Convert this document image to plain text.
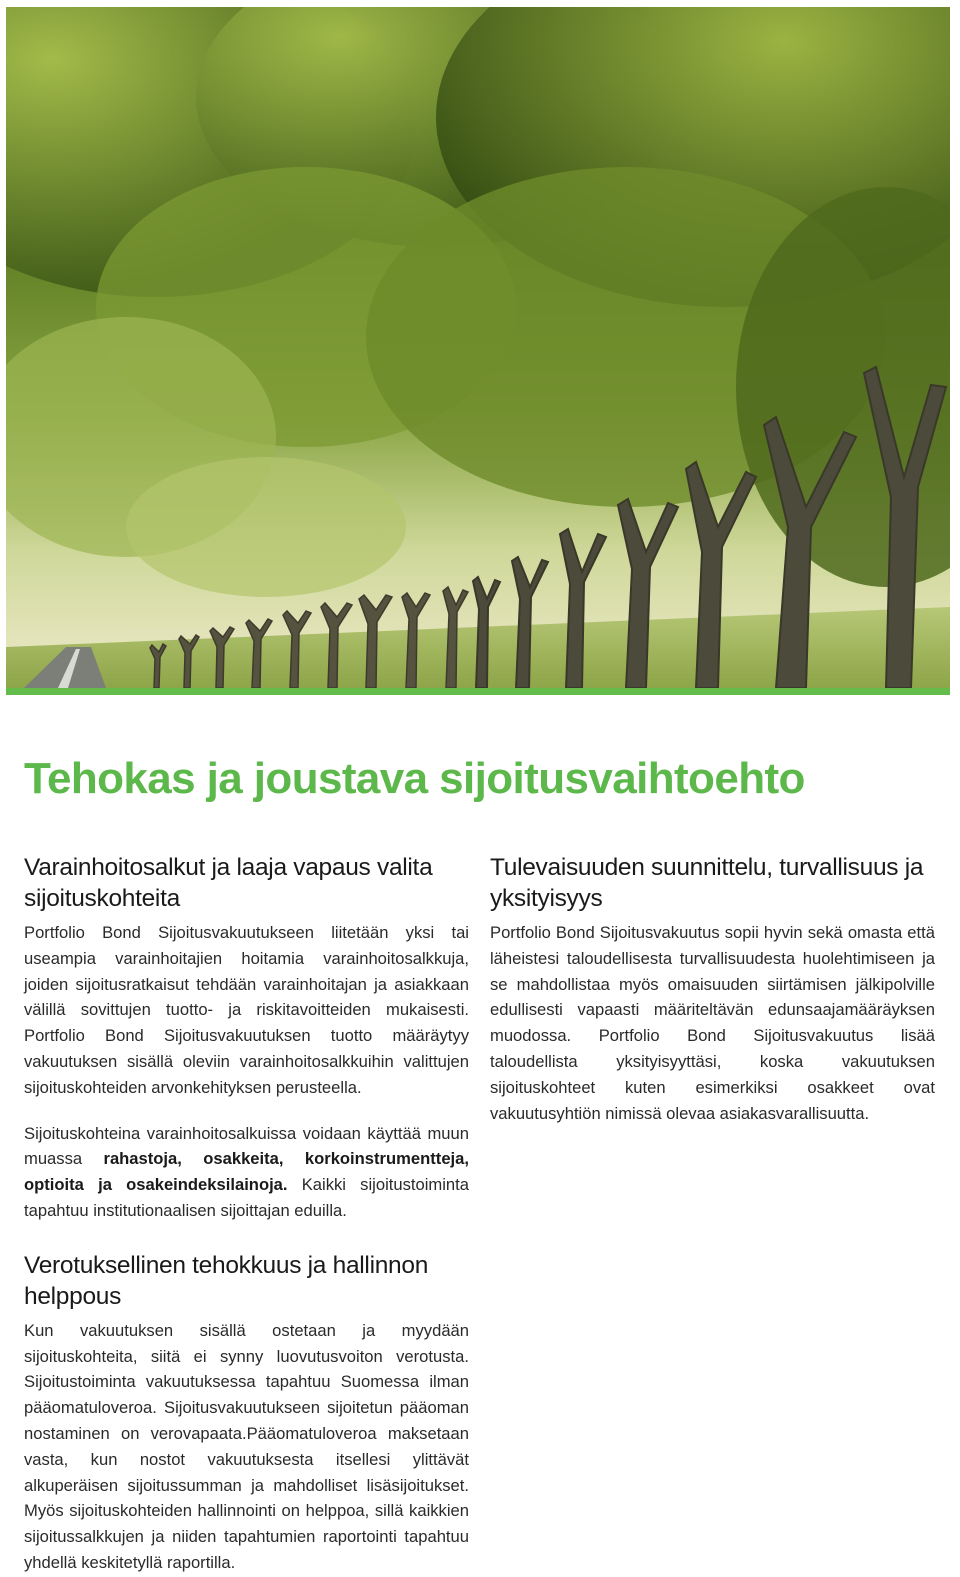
Tehokas ja joustava sijoitusvaihtoehto
Varainhoitosalkut ja laaja vapaus valita sijoituskohteita

Portfolio Bond Sijoitusvakuutukseen liitetään yksi tai useampia varainhoitajien hoitamia varainhoitosalkkuja, joiden sijoitusratkaisut tehdään varainhoitajan ja asiakkaan välillä sovittujen tuotto- ja riskitavoitteiden mukaisesti. Portfolio Bond Sijoitusvakuutuksen tuotto määräytyy vakuutuksen sisällä oleviin varainhoitosalkkuihin valittujen sijoituskohteiden arvonkehityksen perusteella.

Sijoituskohteina varainhoitosalkuissa voidaan käyttää muun muassa rahastoja, osakkeita, korkoinstrumentteja, optioita ja osakeindeksilainoja. Kaikki sijoitustoiminta tapahtuu institutionaalisen sijoittajan eduilla.

Verotuksellinen tehokkuus ja hallinnon helppous

Kun vakuutuksen sisällä ostetaan ja myydään sijoituskohteita, siitä ei synny luovutusvoiton verotusta. Sijoitustoiminta vakuutuksessa tapahtuu Suomessa ilman pääomatuloveroa. Sijoitusvakuutukseen sijoitetun pääoman nostaminen on verovapaata.Pääomatuloveroa maksetaan vasta, kun nostot vakuutuksesta itsellesi ylittävät alkuperäisen sijoitussumman ja mahdolliset lisäsijoitukset. Myös sijoituskohteiden hallinnointi on helppoa, sillä kaikkien sijoitussalkkujen ja niiden tapahtumien raportointi tapahtuu yhdellä keskitetyllä raportilla.

Tulevaisuuden suunnittelu, turvallisuus ja yksityisyys

Portfolio Bond Sijoitusvakuutus sopii hyvin sekä omasta että läheistesi taloudellisesta turvallisuudesta huolehtimiseen ja se mahdollistaa myös omaisuuden siirtämisen jälkipolville edullisesti vapaasti määriteltävän edunsaajamääräyksen muodossa. Portfolio Bond Sijoitusvakuutus lisää taloudellista yksityisyyttäsi, koska vakuutuksen sijoituskohteet kuten esimerkiksi osakkeet ovat vakuutusyhtiön nimissä olevaa asiakasvarallisuutta.
